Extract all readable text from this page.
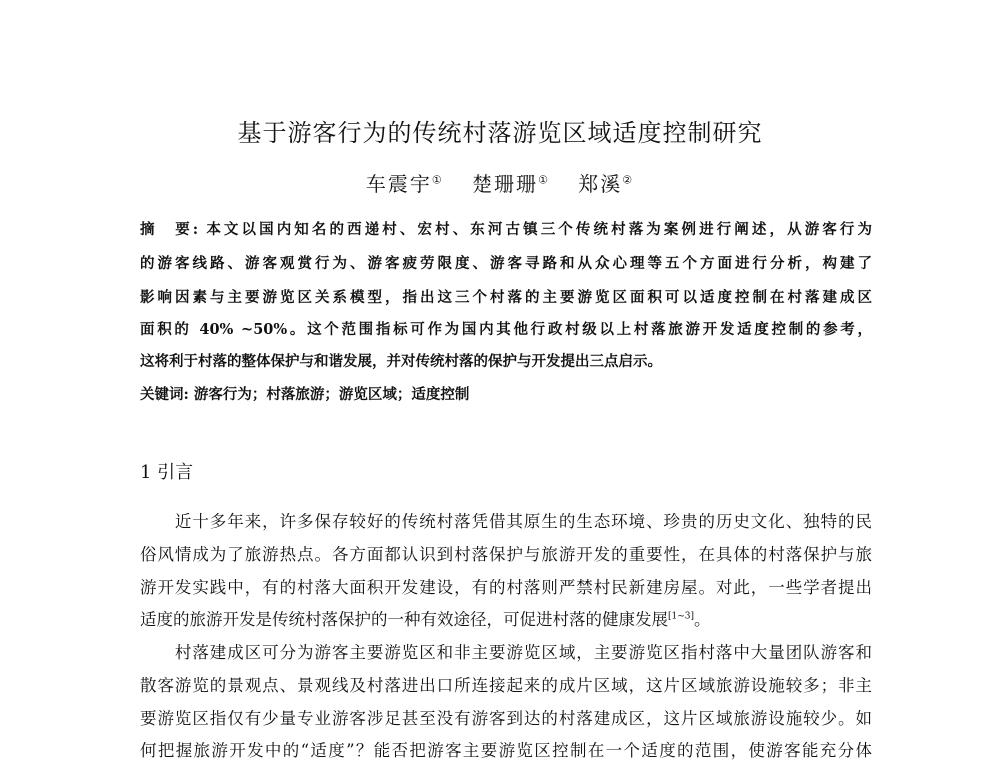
基于游客行为的传统村落游览区域适度控制研究
车震宇① 楚珊珊① 郑溪②
摘　要: 本文以国内知名的西递村、宏村、东河古镇三个传统村落为案例进行阐述，从游客行为
的游客线路、游客观赏行为、游客疲劳限度、游客寻路和从众心理等五个方面进行分析，构建了
影响因素与主要游览区关系模型，指出这三个村落的主要游览区面积可以适度控制在村落建成区
面积的 40% ~50%。这个范围指标可作为国内其他行政村级以上村落旅游开发适度控制的参考，
这将利于村落的整体保护与和谐发展，并对传统村落的保护与开发提出三点启示。
关键词: 游客行为；村落旅游；游览区域；适度控制
1 引言
　　近十多年来，许多保存较好的传统村落凭借其原生的生态环境、珍贵的历史文化、独特的民
俗风情成为了旅游热点。各方面都认识到村落保护与旅游开发的重要性，在具体的村落保护与旅
游开发实践中，有的村落大面积开发建设，有的村落则严禁村民新建房屋。对此，一些学者提出
适度的旅游开发是传统村落保护的一种有效途径，可促进村落的健康发展[1~3]。
　　村落建成区可分为游客主要游览区和非主要游览区域，主要游览区指村落中大量团队游客和
散客游览的景观点、景观线及村落进出口所连接起来的成片区域，这片区域旅游设施较多；非主
要游览区指仅有少量专业游客涉足甚至没有游客到达的村落建成区，这片区域旅游设施较少。如
何把握旅游开发中的“适度”？能否把游客主要游览区控制在一个适度的范围，使游客能充分体
